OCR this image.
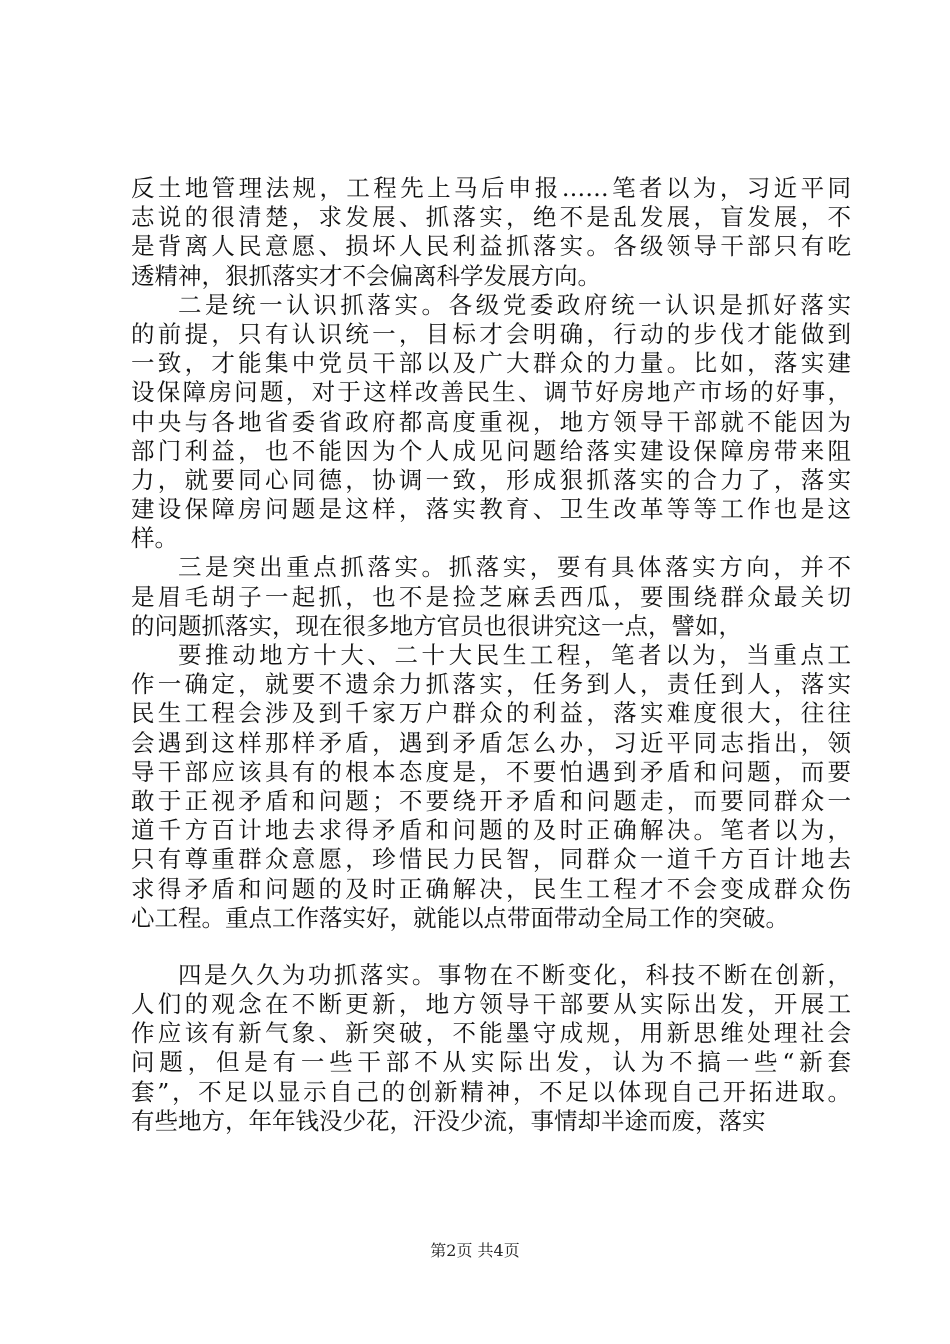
反土地管理法规，工程先上马后申报……笔者以为，习近平同
志说的很清楚，求发展、抓落实，绝不是乱发展，盲发展，不
是背离人民意愿、损坏人民利益抓落实。各级领导干部只有吃
透精神，狠抓落实才不会偏离科学发展方向。
二是统一认识抓落实。各级党委政府统一认识是抓好落实
的前提，只有认识统一，目标才会明确，行动的步伐才能做到
一致，才能集中党员干部以及广大群众的力量。比如，落实建
设保障房问题，对于这样改善民生、调节好房地产市场的好事，
中央与各地省委省政府都高度重视，地方领导干部就不能因为
部门利益，也不能因为个人成见问题给落实建设保障房带来阻
力，就要同心同德，协调一致，形成狠抓落实的合力了，落实
建设保障房问题是这样，落实教育、卫生改革等等工作也是这
样。
三是突出重点抓落实。抓落实，要有具体落实方向，并不
是眉毛胡子一起抓，也不是捡芝麻丢西瓜，要围绕群众最关切
的问题抓落实，现在很多地方官员也很讲究这一点，譬如，
要推动地方十大、二十大民生工程，笔者以为，当重点工
作一确定，就要不遗余力抓落实，任务到人，责任到人，落实
民生工程会涉及到千家万户群众的利益，落实难度很大，往往
会遇到这样那样矛盾，遇到矛盾怎么办，习近平同志指出，领
导干部应该具有的根本态度是，不要怕遇到矛盾和问题，而要
敢于正视矛盾和问题；不要绕开矛盾和问题走，而要同群众一
道千方百计地去求得矛盾和问题的及时正确解决。笔者以为，
只有尊重群众意愿，珍惜民力民智，同群众一道千方百计地去
求得矛盾和问题的及时正确解决，民生工程才不会变成群众伤
心工程。重点工作落实好，就能以点带面带动全局工作的突破。
四是久久为功抓落实。事物在不断变化，科技不断在创新，
人们的观念在不断更新，地方领导干部要从实际出发，开展工
作应该有新气象、新突破，不能墨守成规，用新思维处理社会
问题，但是有一些干部不从实际出发，认为不搞一些“新套
套”，不足以显示自己的创新精神，不足以体现自己开拓进取。
有些地方，年年钱没少花，汗没少流，事情却半途而废，落实
第2页 共4页
